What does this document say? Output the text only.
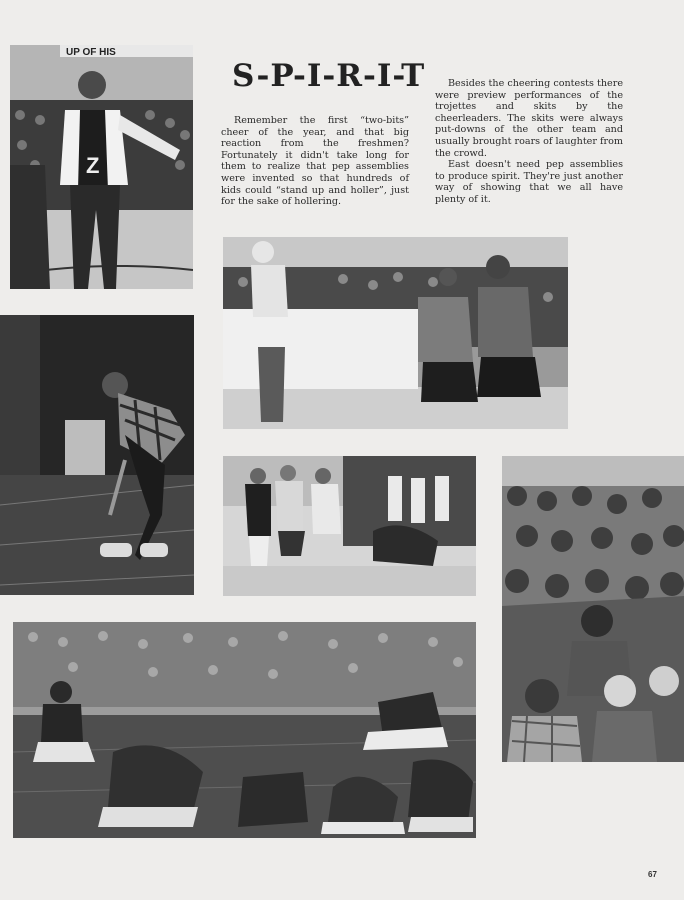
UP OF HIS
Z
S-P-I-R-I-T

Remember the first “two-bits” cheer of the year, and that big reaction from the freshmen? Fortunately it didn't take long for them to realize that pep assemblies were invented so that hundreds of kids could “stand up and holler”, just for the sake of hollering.

Besides the cheering contests there were preview performances of the trojettes and skits by the cheerleaders. The skits were always put-downs of the other team and usually brought roars of laughter from the crowd.

East doesn't need pep assemblies to produce spirit. They're just another way of showing that we all have plenty of it.

67
